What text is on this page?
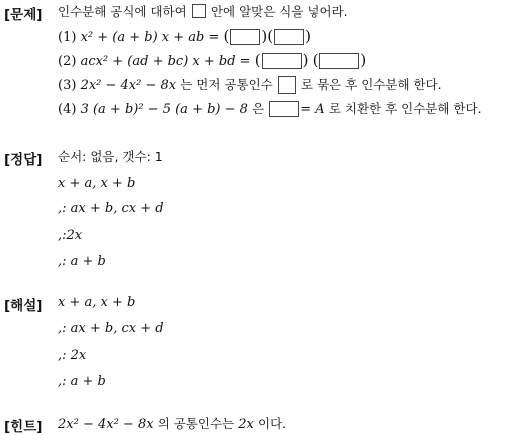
[문제] 인수분해 공식에 대하여 안에 알맞은 식을 넣어라.
(1) x² + (a + b) x + ab = ( )( )
(2) acx² + (ad + bc) x + bd = (	) (	)
(3) 2x² − 4x² − 8x 는 먼저 공통인수 로 묶은 후 인수분해 한다.
(4) 3 (a + b)² − 5 (a + b) − 8 은	= A 로 치환한 후 인수분해 한다.
[정답] 순서: 없음, 갯수: 1
x + a, x + b
,: ax + b, cx + d
,:2x
,: a + b
[해설] x + a, x + b
,: ax + b, cx + d
,: 2x
,: a + b
[힌트] 2x² − 4x² − 8x 의 공통인수는 2x 이다.
